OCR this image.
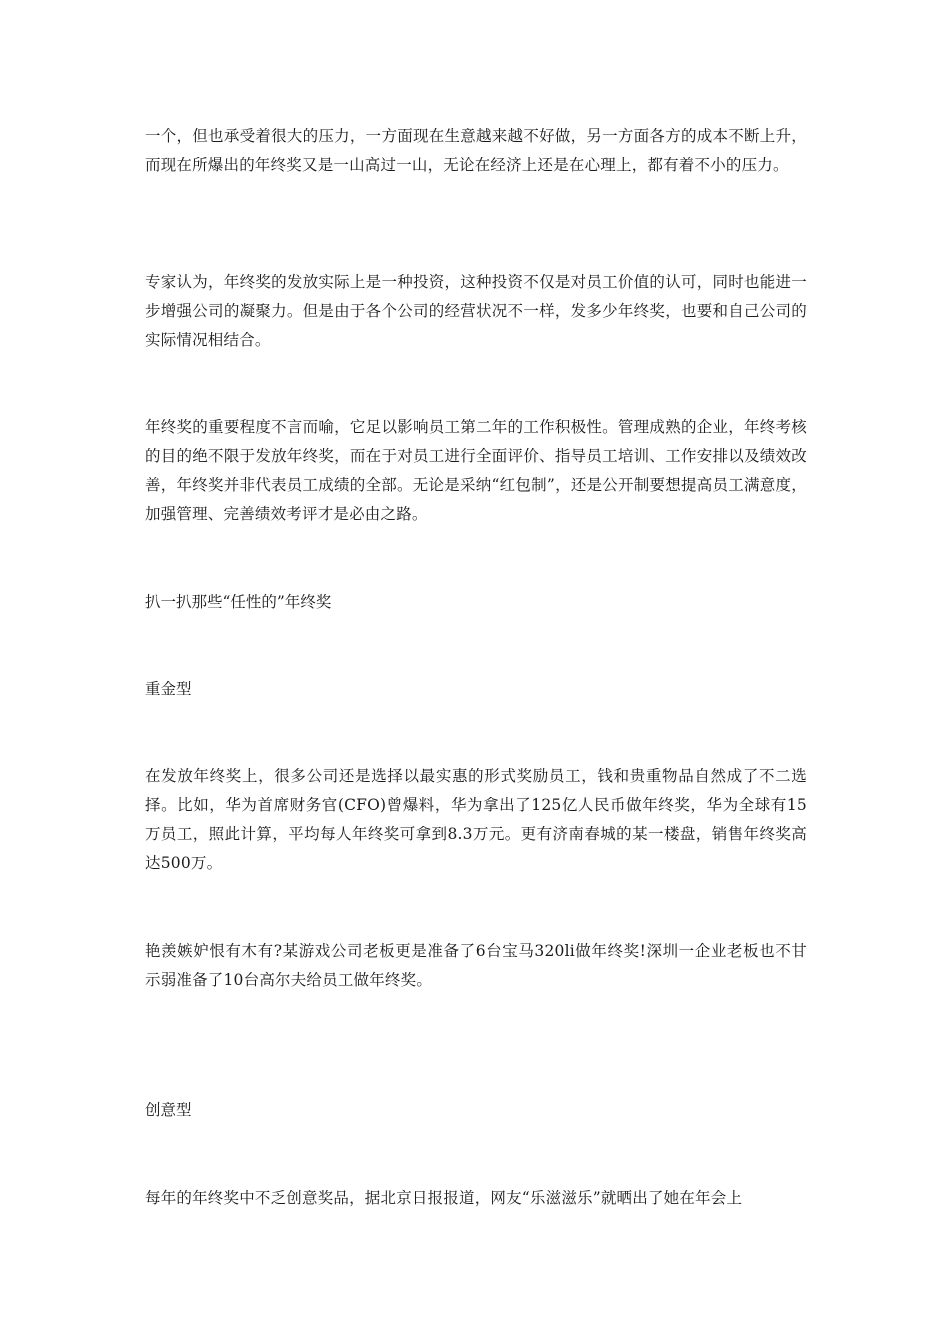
一个，但也承受着很大的压力，一方面现在生意越来越不好做，另一方面各方的成本不断上升，而现在所爆出的年终奖又是一山高过一山，无论在经济上还是在心理上，都有着不小的压力。

专家认为，年终奖的发放实际上是一种投资，这种投资不仅是对员工价值的认可，同时也能进一步增强公司的凝聚力。但是由于各个公司的经营状况不一样，发多少年终奖，也要和自己公司的实际情况相结合。

年终奖的重要程度不言而喻，它足以影响员工第二年的工作积极性。管理成熟的企业，年终考核的目的绝不限于发放年终奖，而在于对员工进行全面评价、指导员工培训、工作安排以及绩效改善，年终奖并非代表员工成绩的全部。无论是采纳“红包制”，还是公开制要想提高员工满意度，加强管理、完善绩效考评才是必由之路。

扒一扒那些“任性的”年终奖

重金型

在发放年终奖上，很多公司还是选择以最实惠的形式奖励员工，钱和贵重物品自然成了不二选择。比如，华为首席财务官(CFO)曾爆料，华为拿出了125亿人民币做年终奖，华为全球有15万员工，照此计算，平均每人年终奖可拿到8.3万元。更有济南春城的某一楼盘，销售年终奖高达500万。

艳羡嫉妒恨有木有?某游戏公司老板更是准备了6台宝马320li做年终奖!深圳一企业老板也不甘示弱准备了10台高尔夫给员工做年终奖。

创意型

每年的年终奖中不乏创意奖品，据北京日报报道，网友“乐滋滋乐”就晒出了她在年会上
